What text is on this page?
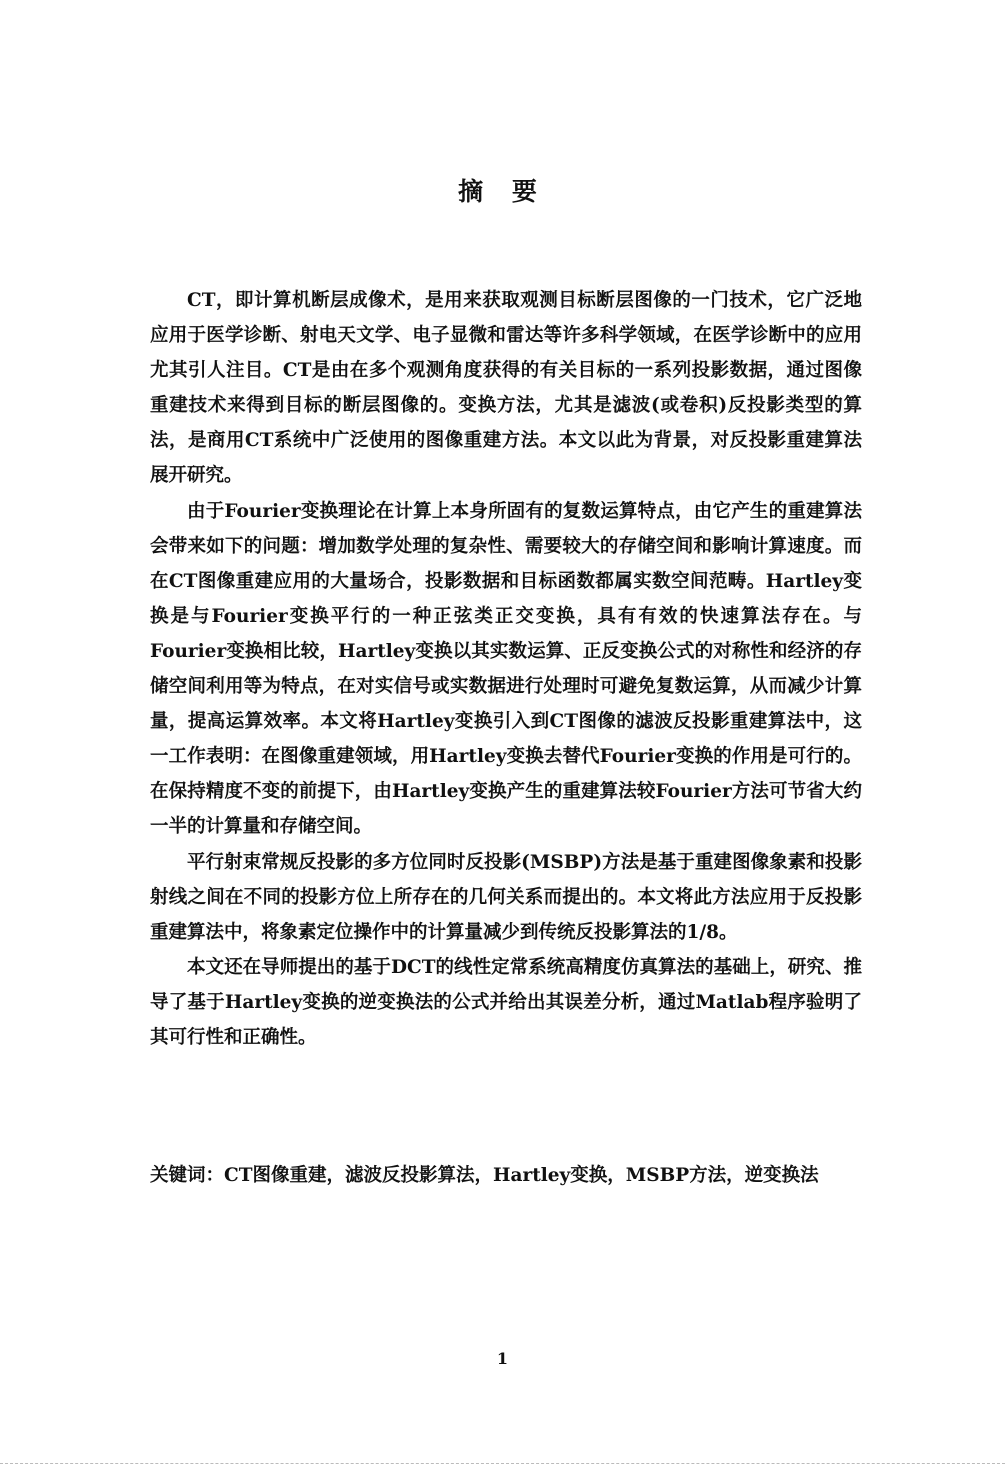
摘 要

CT，即计算机断层成像术，是用来获取观测目标断层图像的一门技术，它广泛地应用于医学诊断、射电天文学、电子显微和雷达等许多科学领域，在医学诊断中的应用尤其引人注目。CT是由在多个观测角度获得的有关目标的一系列投影数据，通过图像重建技术来得到目标的断层图像的。变换方法，尤其是滤波(或卷积)反投影类型的算法，是商用CT系统中广泛使用的图像重建方法。本文以此为背景，对反投影重建算法展开研究。

由于Fourier变换理论在计算上本身所固有的复数运算特点，由它产生的重建算法会带来如下的问题：增加数学处理的复杂性、需要较大的存储空间和影响计算速度。而在CT图像重建应用的大量场合，投影数据和目标函数都属实数空间范畴。Hartley变换是与Fourier变换平行的一种正弦类正交变换，具有有效的快速算法存在。与Fourier变换相比较，Hartley变换以其实数运算、正反变换公式的对称性和经济的存储空间利用等为特点，在对实信号或实数据进行处理时可避免复数运算，从而减少计算量，提高运算效率。本文将Hartley变换引入到CT图像的滤波反投影重建算法中，这一工作表明：在图像重建领域，用Hartley变换去替代Fourier变换的作用是可行的。在保持精度不变的前提下，由Hartley变换产生的重建算法较Fourier方法可节省大约一半的计算量和存储空间。

平行射束常规反投影的多方位同时反投影(MSBP)方法是基于重建图像象素和投影射线之间在不同的投影方位上所存在的几何关系而提出的。本文将此方法应用于反投影重建算法中，将象素定位操作中的计算量减少到传统反投影算法的1/8。

本文还在导师提出的基于DCT的线性定常系统高精度仿真算法的基础上，研究、推导了基于Hartley变换的逆变换法的公式并给出其误差分析，通过Matlab程序验明了其可行性和正确性。

关键词：CT图像重建，滤波反投影算法，Hartley变换，MSBP方法，逆变换法
1
